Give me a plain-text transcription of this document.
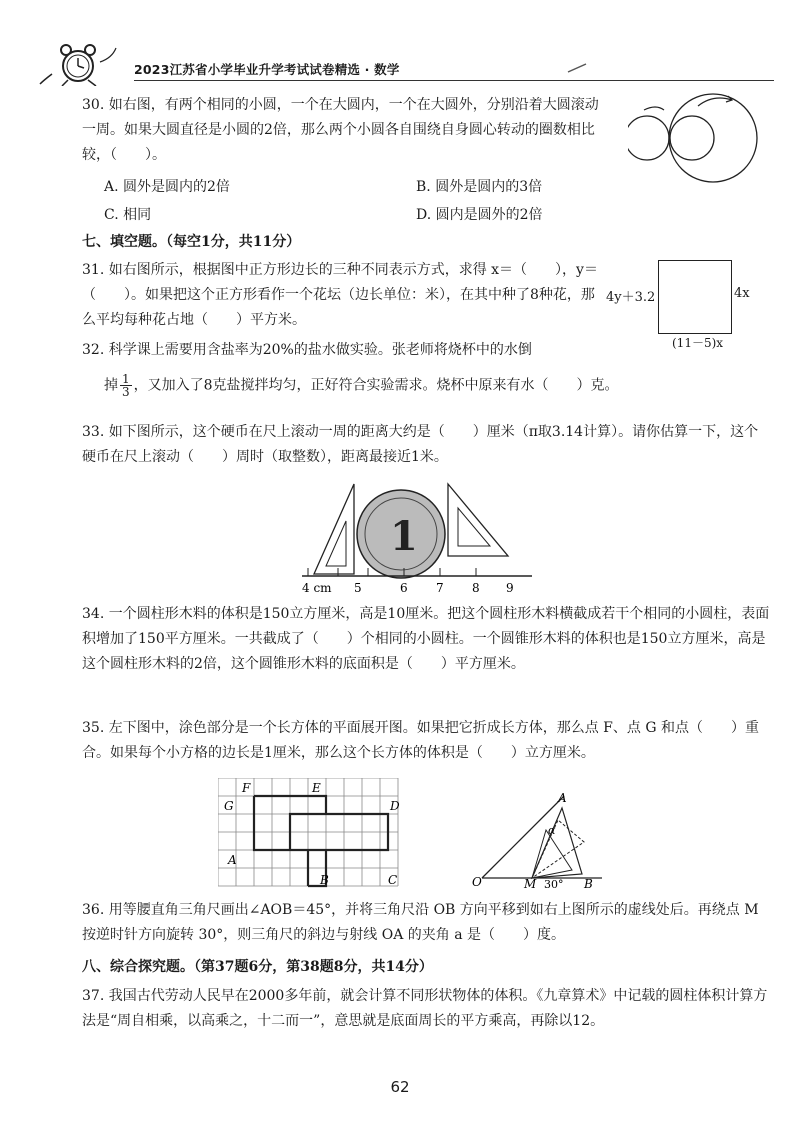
2023江苏省小学毕业升学考试试卷精选 · 数学
30. 如右图，有两个相同的小圆，一个在大圆内，一个在大圆外，分别沿着大圆滚动一周。如果大圆直径是小圆的2倍，那么两个小圆各自围绕自身圆心转动的圈数相比较，（　　）。
A. 圆外是圆内的2倍	B. 圆外是圆内的3倍
C. 相同	D. 圆内是圆外的2倍
七、填空题。（每空1分，共11分）
31. 如右图所示，根据图中正方形边长的三种不同表示方式，求得 x＝（　　），y＝（　　）。如果把这个正方形看作一个花坛（边长单位：米），在其中种了8种花，那么平均每种花占地（　　）平方米。
4y＋3.2	4x
(11－5)x
32. 科学课上需要用含盐率为20%的盐水做实验。张老师将烧杯中的水倒
掉 $\frac{1}{3}$ ，又加入了8克盐搅拌均匀，正好符合实验需求。烧杯中原来有水（　　）克。
33. 如下图所示，这个硬币在尺上滚动一周的距离大约是（　　）厘米（π取3.14计算）。请你估算一下，这个硬币在尺上滚动（　　）周时（取整数），距离最接近1米。
1
4 cm 5	6 7 8 9
34. 一个圆柱形木料的体积是150立方厘米，高是10厘米。把这个圆柱形木料横截成若干个相同的小圆柱，表面积增加了150平方厘米。一共截成了（　　）个相同的小圆柱。一个圆锥形木料的体积也是150立方厘米，高是这个圆柱形木料的2倍，这个圆锥形木料的底面积是（　　）平方厘米。
35. 左下图中，涂色部分是一个长方体的平面展开图。如果把它折成长方体，那么点 F、点 G 和点（　　）重合。如果每个小方格的边长是1厘米，那么这个长方体的体积是（　　）立方厘米。
F	E
G	D
A
B	C	O
A
M	B
30°
α
36. 用等腰直角三角尺画出∠AOB＝45°，并将三角尺沿 OB 方向平移到如右上图所示的虚线处后。再绕点 M 按逆时针方向旋转 30°，则三角尺的斜边与射线 OA 的夹角 a 是（　　）度。
八、综合探究题。（第37题6分，第38题8分，共14分）
37. 我国古代劳动人民早在2000多年前，就会计算不同形状物体的体积。《九章算术》中记载的圆柱体积计算方法是“周自相乘，以高乘之，十二而一”，意思就是底面周长的平方乘高，再除以12。
62
